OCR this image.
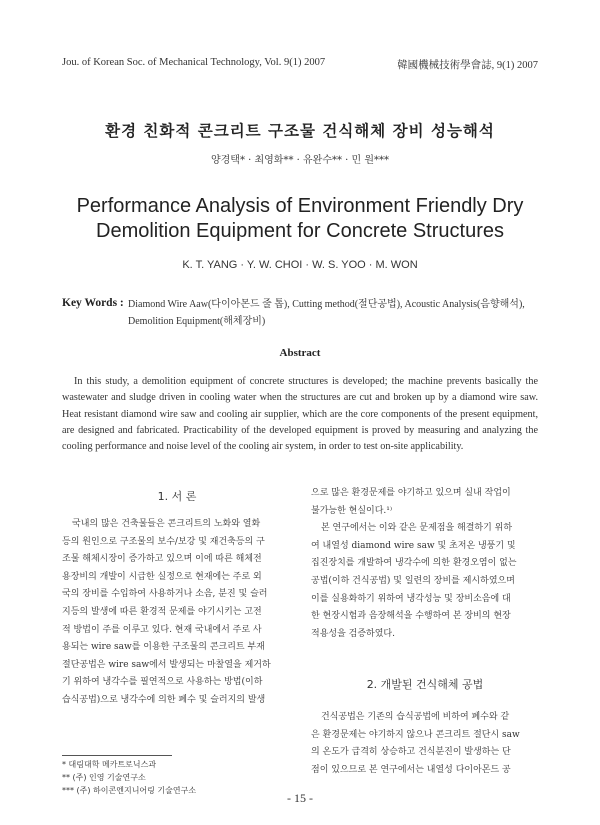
Jou. of Korean Soc. of Mechanical Technology, Vol. 9(1) 2007	韓國機械技術學會誌, 9(1) 2007
환경 친화적 콘크리트 구조물 건식해체 장비 성능해석
양경택* · 최영화** · 유완수** · 민 원***
Performance Analysis of Environment Friendly Dry
Demolition Equipment for Concrete Structures
K. T. YANG · Y. W. CHOI · W. S. YOO · M. WON
Key Words : Diamond Wire Aaw(다이아몬드 줄 톱), Cutting method(절단공법), Acoustic Analysis(음향해석),
Demolition Equipment(해체장비)
Abstract
In this study, a demolition equipment of concrete structures is developed; the machine prevents basically the wastewater and sludge driven in cooling water when the structures are cut and broken up by a diamond wire saw. Heat resistant diamond wire saw and cooling air supplier, which are the core components of the present equipment, are designed and fabricated. Practicability of the developed equipment is proved by measuring and analyzing the cooling performance and noise level of the cooling air system, in order to test on-site applicability.
1. 서 론
국내의 많은 건축물들은 콘크리트의 노화와 열화
등의 원인으로 구조물의 보수/보강 및 재건축등의 구
조물 해체시장이 증가하고 있으며 이에 따른 해체전
용장비의 개발이 시급한 실정으로 현재에는 주로 외
국의 장비를 수입하여 사용하거나 소음, 분진 및 슬러
지등의 발생에 따른 환경적 문제를 야기시키는 고전
적 방법이 주를 이루고 있다. 현재 국내에서 주로 사
용되는 wire saw를 이용한 구조물의 콘크리트 부재
절단공법은 wire saw에서 발생되는 마찰열을 제거하
기 위하여 냉각수를 필연적으로 사용하는 방법(이하
습식공법)으로 냉각수에 의한 폐수 및 슬러지의 발생
으로 많은 환경문제를 야기하고 있으며 실내 작업이
불가능한 현실이다.¹⁾
본 연구에서는 이와 같은 문제점을 해결하기 위하
여 내열성 diamond wire saw 및 초저온 냉풍기 및
집진장치를 개발하여 냉각수에 의한 환경오염이 없는
공법(이하 건식공법) 및 일련의 장비를 제시하였으며
이를 실용화하기 위하여 냉각성능 및 장비소음에 대
한 현장시험과 음장해석을 수행하여 본 장비의 현장
적용성을 검증하였다.
2. 개발된 건식해체 공법
건식공법은 기존의 습식공법에 비하여 폐수와 같
은 환경문제는 야기하지 않으나 콘크리트 절단시 saw
의 온도가 급격히 상승하고 건식분진이 발생하는 단
점이 있으므로 본 연구에서는 내열성 다이아몬드 공
* 대림대학 메카트로닉스과
** (주) 인영 기술연구소
*** (주) 하이콘엔지니어링 기술연구소
- 15 -
